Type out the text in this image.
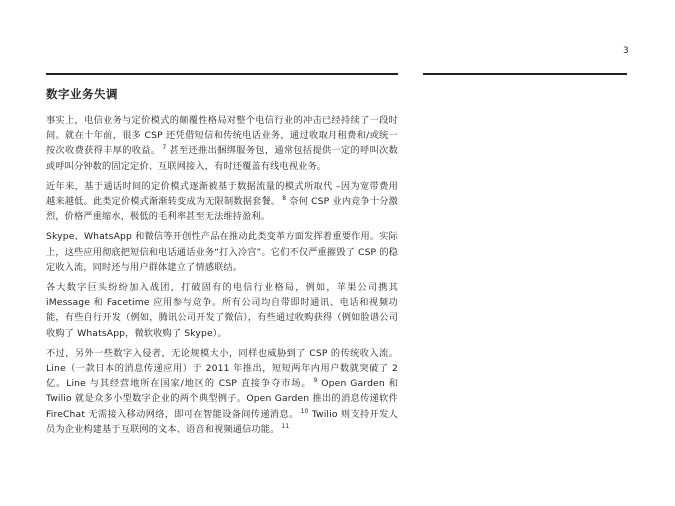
3
数字业务失调

事实上，电信业务与定价模式的颠覆性格局对整个电信行业的冲击已经持续了一段时间。就在十年前，很多 CSP 还凭借短信和传统电话业务，通过收取月租费和/或统一按次收费获得丰厚的收益。 $^7$ 甚至还推出捆绑服务包，通常包括提供一定的呼叫次数或呼叫分钟数的固定定价、互联网接入，有时还覆盖有线电视业务。

近年来，基于通话时间的定价模式逐渐被基于数据流量的模式所取代 –因为宽带费用越来越低。此类定价模式渐渐转变成为无限制数据套餐。 $^8$ 奈何 CSP 业内竞争十分激烈，价格严重缩水，极低的毛利率甚至无法维持盈利。

Skype、WhatsApp 和微信等开创性产品在推动此类变革方面发挥着重要作用。实际上，这些应用彻底把短信和电话通话业务“打入冷宫”。它们不仅严重摧毁了 CSP 的稳定收入流，同时还与用户群体建立了情感联结。

各大数字巨头纷纷加入战团，打破固有的电信行业格局，例如，苹果公司携其 iMessage 和 Facetime 应用参与竞争。所有公司均自带即时通讯、电话和视频功能，有些自行开发（例如，腾讯公司开发了微信），有些通过收购获得（例如脸谱公司收购了 WhatsApp，微软收购了 Skype）。

不过，另外一些数字入侵者，无论规模大小，同样也威胁到了 CSP 的传统收入流。Line（一款日本的消息传递应用）于 2011 年推出，短短两年内用户数就突破了 2 亿。Line 与其经营地所在国家/地区的 CSP 直接争夺市场。 $^9$ Open Garden 和 Twilio 就是众多小型数字企业的两个典型例子。Open Garden 推出的消息传递软件 FireChat 无需接入移动网络，即可在智能设备间传递消息。 $^{10}$ Twilio 则支持开发人员为企业构建基于互联网的文本、语音和视频通信功能。 $^{11}$
